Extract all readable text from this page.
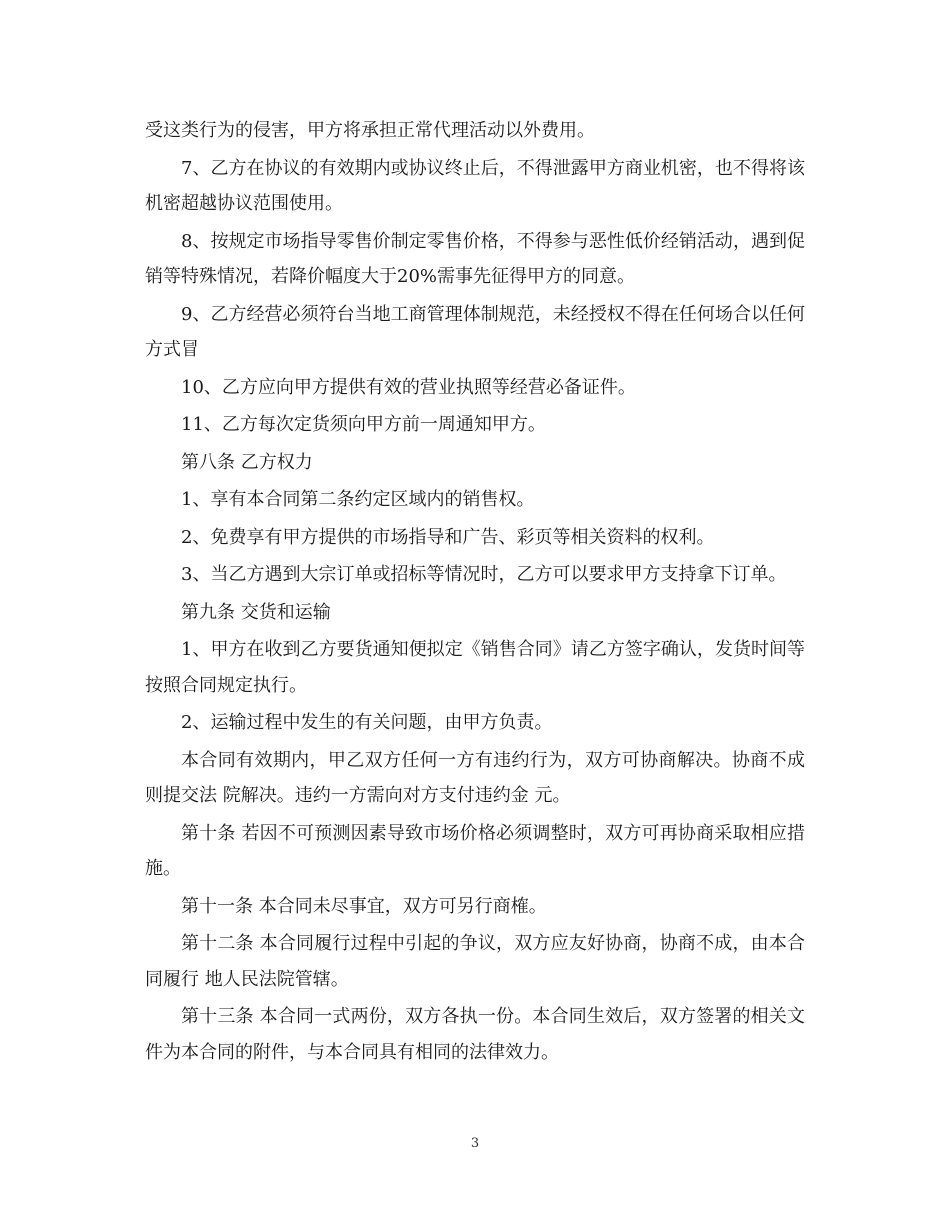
受这类行为的侵害，甲方将承担正常代理活动以外费用。

7、乙方在协议的有效期内或协议终止后，不得泄露甲方商业机密，也不得将该机密超越协议范围使用。

8、按规定市场指导零售价制定零售价格，不得参与恶性低价经销活动，遇到促销等特殊情况，若降价幅度大于20%需事先征得甲方的同意。

9、乙方经营必须符台当地工商管理体制规范，未经授权不得在任何场合以任何方式冒

10、乙方应向甲方提供有效的营业执照等经营必备证件。

11、乙方每次定货须向甲方前一周通知甲方。

第八条 乙方权力

1、享有本合同第二条约定区域内的销售权。

2、免费享有甲方提供的市场指导和广告、彩页等相关资料的权利。

3、当乙方遇到大宗订单或招标等情况时，乙方可以要求甲方支持拿下订单。

第九条 交货和运输

1、甲方在收到乙方要货通知便拟定《销售合同》请乙方签字确认，发货时间等按照合同规定执行。

2、运输过程中发生的有关问题，由甲方负责。

本合同有效期内，甲乙双方任何一方有违约行为，双方可协商解决。协商不成则提交法 院解决。违约一方需向对方支付违约金 元。

第十条 若因不可预测因素导致市场价格必须调整时，双方可再协商采取相应措施。

第十一条 本合同未尽事宜，双方可另行商榷。

第十二条 本合同履行过程中引起的争议，双方应友好协商，协商不成，由本合同履行 地人民法院管辖。

第十三条 本合同一式两份，双方各执一份。本合同生效后，双方签署的相关文件为本合同的附件，与本合同具有相同的法律效力。

3
